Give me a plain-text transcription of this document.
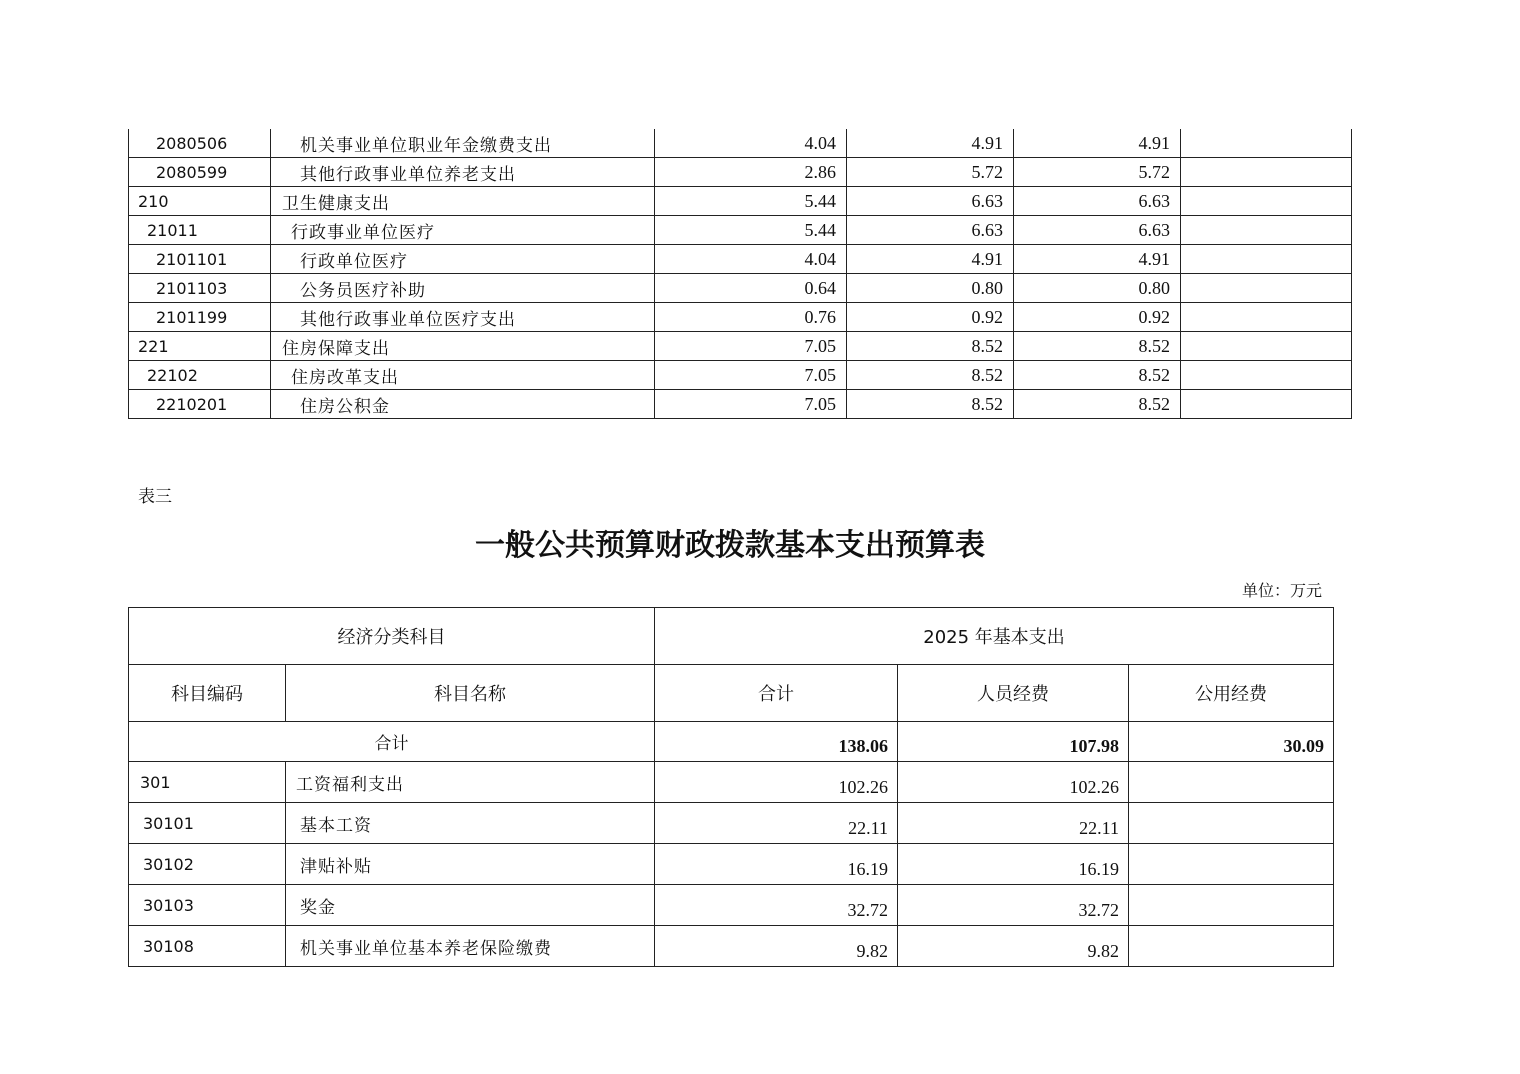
2080506	机关事业单位职业年金缴费支出	4.04	4.91	4.91	
2080599	其他行政事业单位养老支出	2.86	5.72	5.72	
210	卫生健康支出	5.44	6.63	6.63	
21011	行政事业单位医疗	5.44	6.63	6.63	
2101101	行政单位医疗	4.04	4.91	4.91	
2101103	公务员医疗补助	0.64	0.80	0.80	
2101199	其他行政事业单位医疗支出	0.76	0.92	0.92	
221	住房保障支出	7.05	8.52	8.52	
22102	住房改革支出	7.05	8.52	8.52	
2210201	住房公积金	7.05	8.52	8.52	
表三
一般公共预算财政拨款基本支出预算表
单位：万元
经济分类科目		2025 年基本支出		
科目编码	科目名称	合计	人员经费	公用经费
合计		138.06	107.98	30.09
301	工资福利支出	102.26	102.26	
30101	基本工资	22.11	22.11	
30102	津贴补贴	16.19	16.19	
30103	奖金	32.72	32.72	
30108	机关事业单位基本养老保险缴费	9.82	9.82	
